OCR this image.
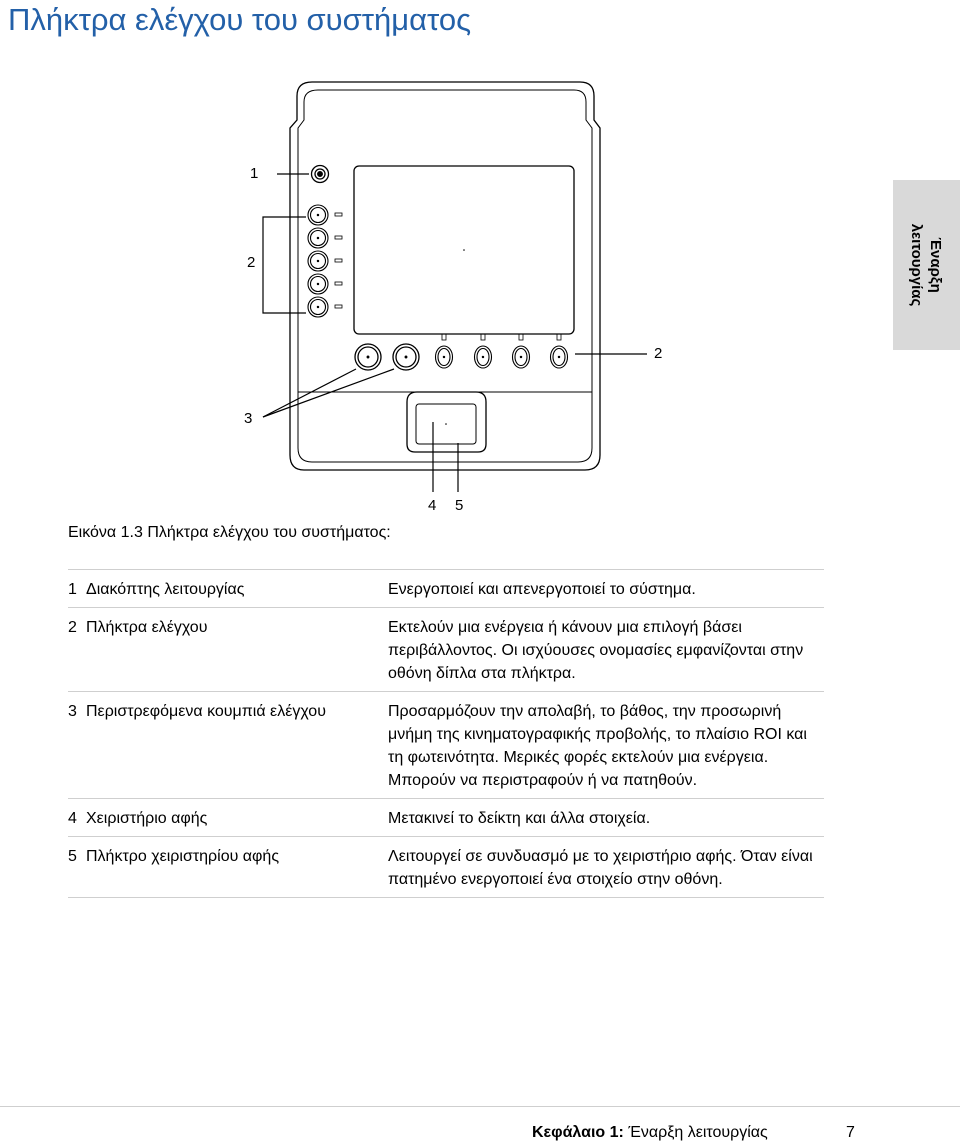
Πλήκτρα ελέγχου του συστήματος
Έναρξη
λειτουργίας
1
2
2
3
4 5
Εικόνα 1.3 Πλήκτρα ελέγχου του συστήματος:
1	Διακόπτης λειτουργίας	Ενεργοποιεί και απενεργοποιεί το σύστημα.
2	Πλήκτρα ελέγχου	Εκτελούν μια ενέργεια ή κάνουν μια επιλογή βάσει περιβάλλοντος. Οι ισχύουσες ονομασίες εμφανίζονται στην οθόνη δίπλα στα πλήκτρα.
3	Περιστρεφόμενα κουμπιά ελέγχου	Προσαρμόζουν την απολαβή, το βάθος, την προσωρινή μνήμη της κινηματογραφικής προβολής, το πλαίσιο ROI και τη φωτεινότητα. Μερικές φορές εκτελούν μια ενέργεια. Μπορούν να περιστραφούν ή να πατηθούν.
4	Χειριστήριο αφής	Μετακινεί το δείκτη και άλλα στοιχεία.
5	Πλήκτρο χειριστηρίου αφής	Λειτουργεί σε συνδυασμό με το χειριστήριο αφής. Όταν είναι πατημένο ενεργοποιεί ένα στοιχείο στην οθόνη.
Κεφάλαιο 1: Έναρξη λειτουργίας	7
